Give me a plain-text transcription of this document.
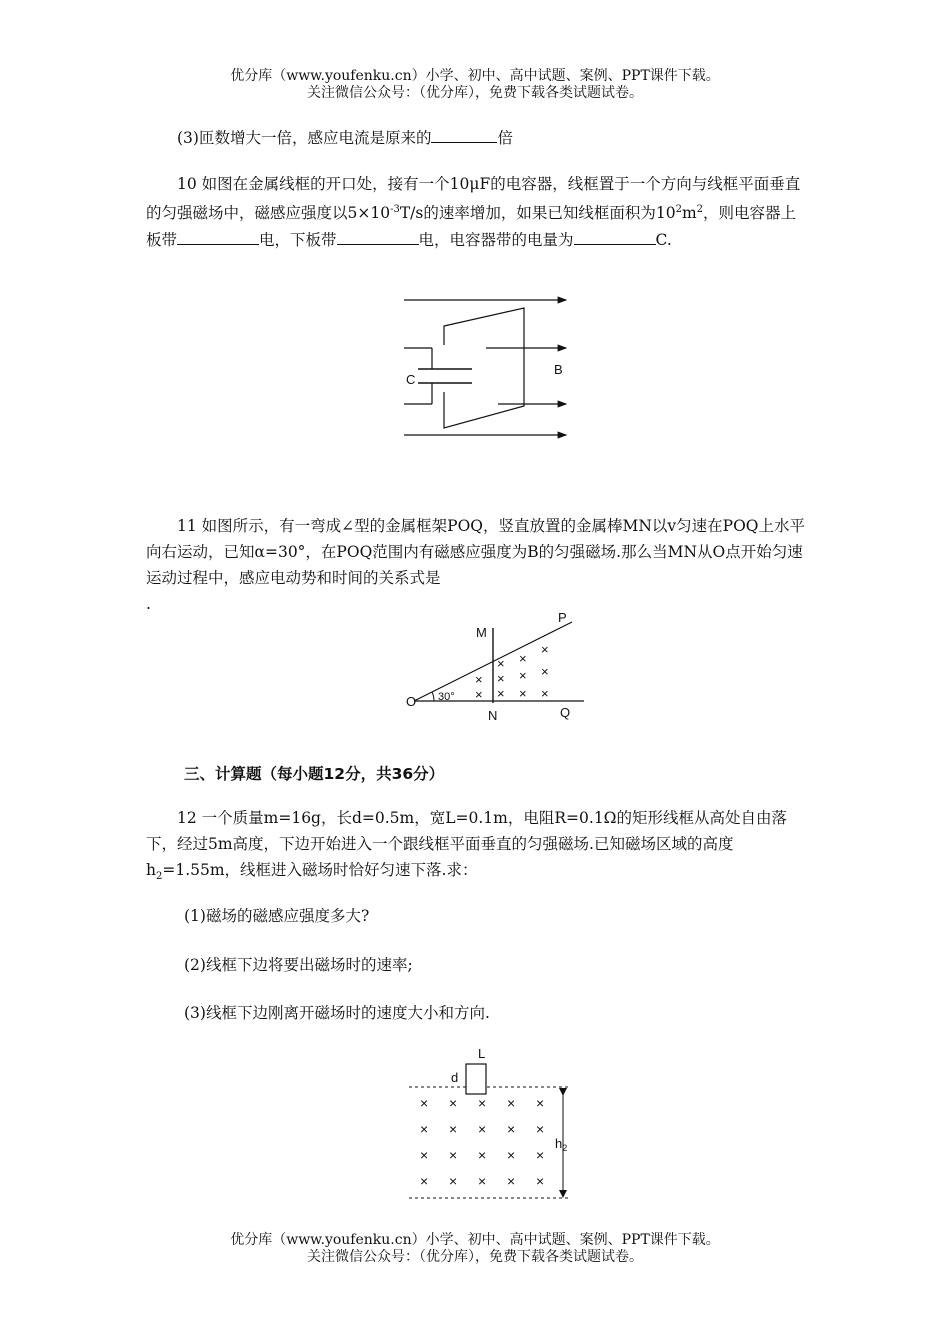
优分库（www.youfenku.cn）小学、初中、高中试题、案例、PPT课件下载。
关注微信公众号：（优分库），免费下载各类试题试卷。
(3)匝数增大一倍，感应电流是原来的	倍
10 如图在金属线框的开口处，接有一个10μF的电容器，线框置于一个方向与线框平面垂直的匀强磁场中，磁感应强度以$5\times 10^{-3}T/s$的速率增加，如果已知线框面积为$10^2m^2$，则电容器上板带	电，下板带	电，电容器带的电量为	C.
C
B
11 如图所示，有一弯成∠型的金属框架POQ，竖直放置的金属棒MN以v匀速在POQ上水平向右运动，已知α=30°，在POQ范围内有磁感应强度为B的匀强磁场.那么当MN从O点开始匀速运动过程中，感应电动势和时间的关系式是
.
O
M
N
P
Q
30°
×
×
×
×
×
×
×
×
×
×
×
三、计算题（每小题12分，共36分）
12 一个质量m=16g，长d=0.5m，宽L=0.1m，电阻R=0.1Ω的矩形线框从高处自由落下，经过5m高度，下边开始进入一个跟线框平面垂直的匀强磁场.已知磁场区域的高度$h_2=1.55m$，线框进入磁场时恰好匀速下落.求：
(1)磁场的磁感应强度多大?
(2)线框下边将要出磁场时的速率;
(3)线框下边刚离开磁场时的速度大小和方向.
L
d
$h_2$
× × × × ×
× × × × ×
× × × × ×
× × × × ×
优分库（www.youfenku.cn）小学、初中、高中试题、案例、PPT课件下载。
关注微信公众号：（优分库），免费下载各类试题试卷。
